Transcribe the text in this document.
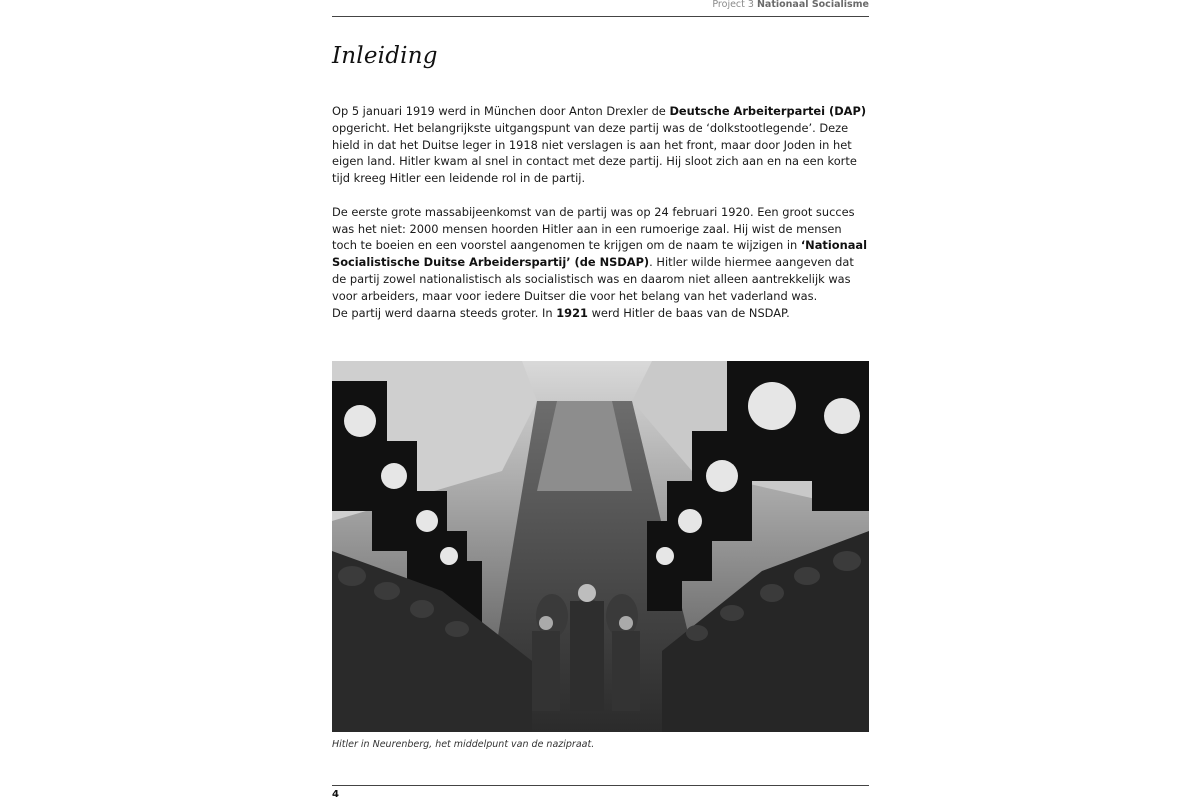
Project 3 Nationaal Socialisme
Inleiding

Op 5 januari 1919 werd in München door Anton Drexler de Deutsche Arbeiterpartei (DAP) opgericht. Het belangrijkste uitgangspunt van deze partij was de ‘dolkstootlegende’. Deze hield in dat het Duitse leger in 1918 niet verslagen is aan het front, maar door Joden in het eigen land. Hitler kwam al snel in contact met deze partij. Hij sloot zich aan en na een korte tijd kreeg Hitler een leidende rol in de partij.

De eerste grote massabijeenkomst van de partij was op 24 februari 1920. Een groot succes was het niet: 2000 mensen hoorden Hitler aan in een rumoerige zaal. Hij wist de mensen toch te boeien en een voorstel aangenomen te krijgen om de naam te wijzigen in ‘Nationaal Socialistische Duitse Arbeiderspartij’ (de NSDAP). Hitler wilde hiermee aangeven dat de partij zowel nationalistisch als socialistisch was en daarom niet alleen aantrekkelijk was voor arbeiders, maar voor iedere Duitser die voor het belang van het vaderland was.

De partij werd daarna steeds groter. In 1921 werd Hitler de baas van de NSDAP.

Hitler in Neurenberg, het middelpunt van de nazipraat.
4
